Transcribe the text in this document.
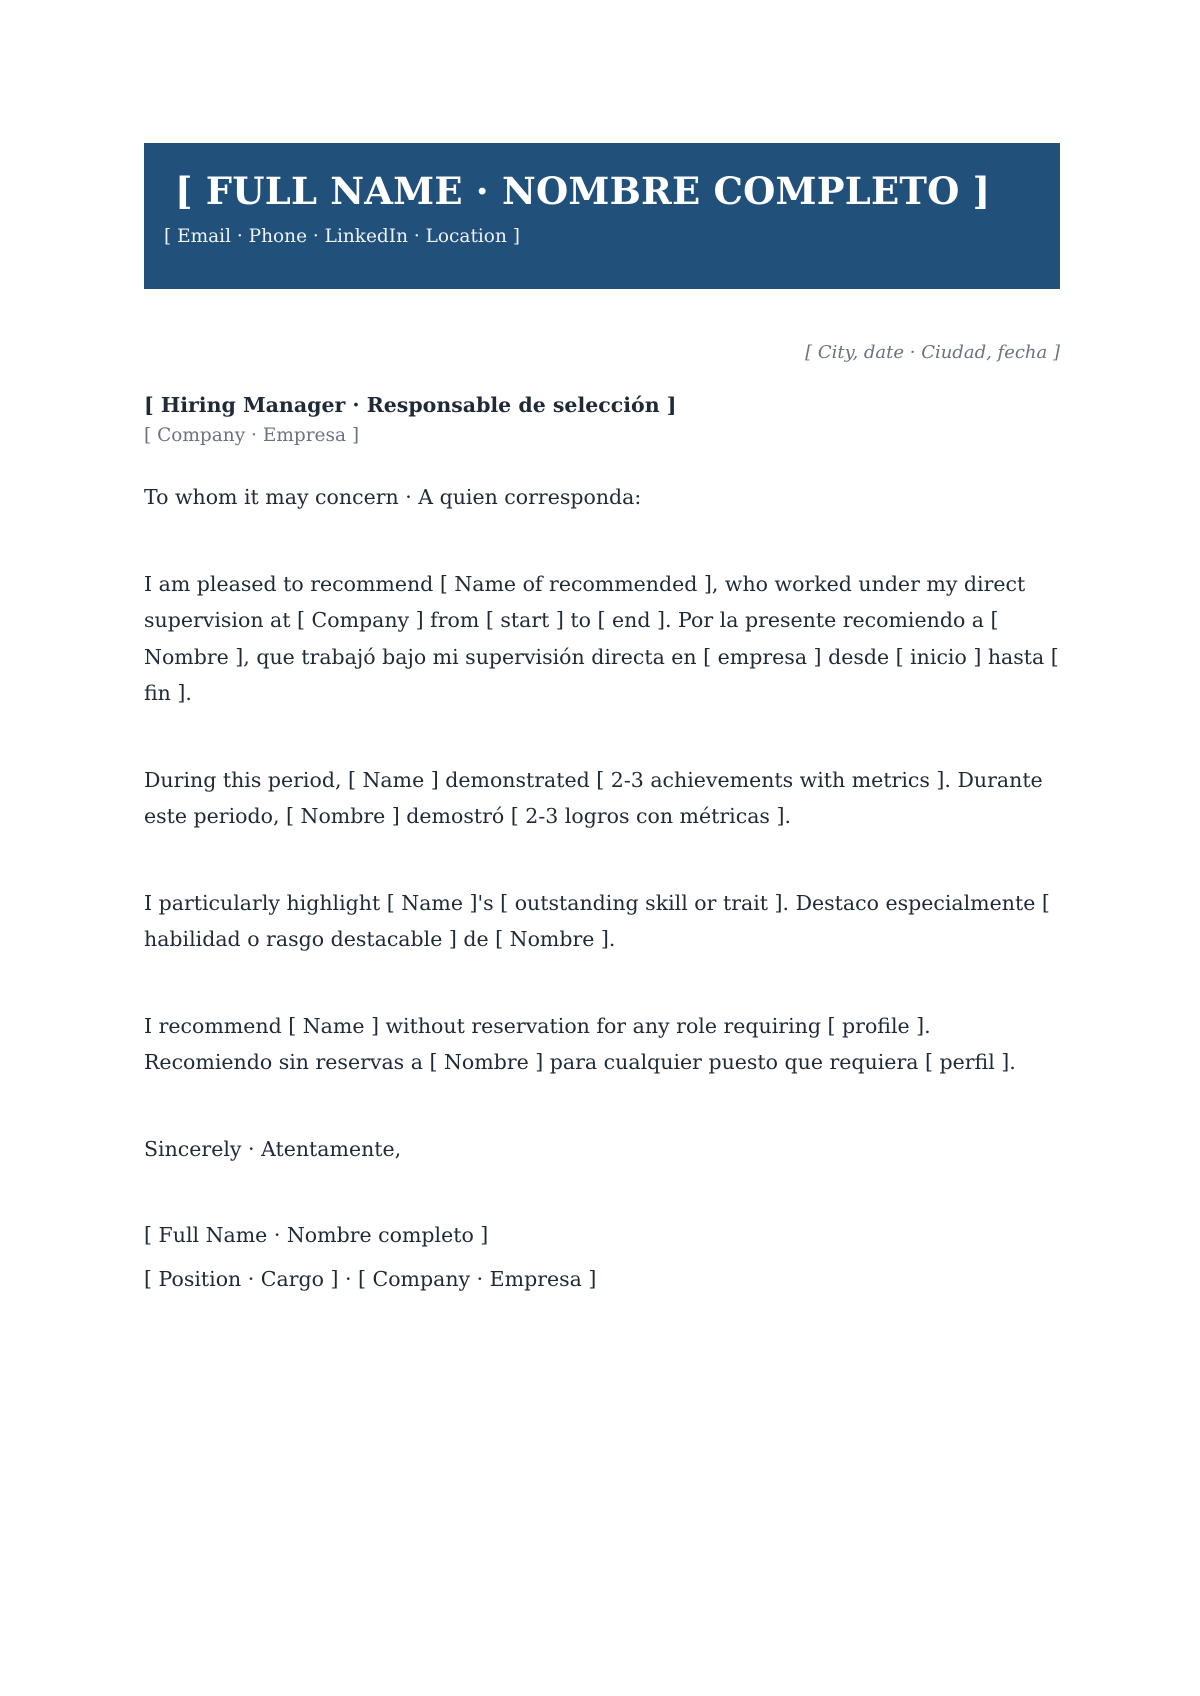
[ FULL NAME · NOMBRE COMPLETO ]
[ Email · Phone · LinkedIn · Location ]
[ City, date · Ciudad, fecha ]
[ Hiring Manager · Responsable de selección ]
[ Company · Empresa ]
To whom it may concern · A quien corresponda:
I am pleased to recommend [ Name of recommended ], who worked under my direct supervision at [ Company ] from [ start ] to [ end ]. Por la presente recomiendo a [ Nombre ], que trabajó bajo mi supervisión directa en [ empresa ] desde [ inicio ] hasta [ fin ].
During this period, [ Name ] demonstrated [ 2-3 achievements with metrics ]. Durante este periodo, [ Nombre ] demostró [ 2-3 logros con métricas ].
I particularly highlight [ Name ]'s [ outstanding skill or trait ]. Destaco especialmente [ habilidad o rasgo destacable ] de [ Nombre ].
I recommend [ Name ] without reservation for any role requiring [ profile ]. Recomiendo sin reservas a [ Nombre ] para cualquier puesto que requiera [ perfil ].
Sincerely · Atentamente,
[ Full Name · Nombre completo ]
[ Position · Cargo ] · [ Company · Empresa ]
